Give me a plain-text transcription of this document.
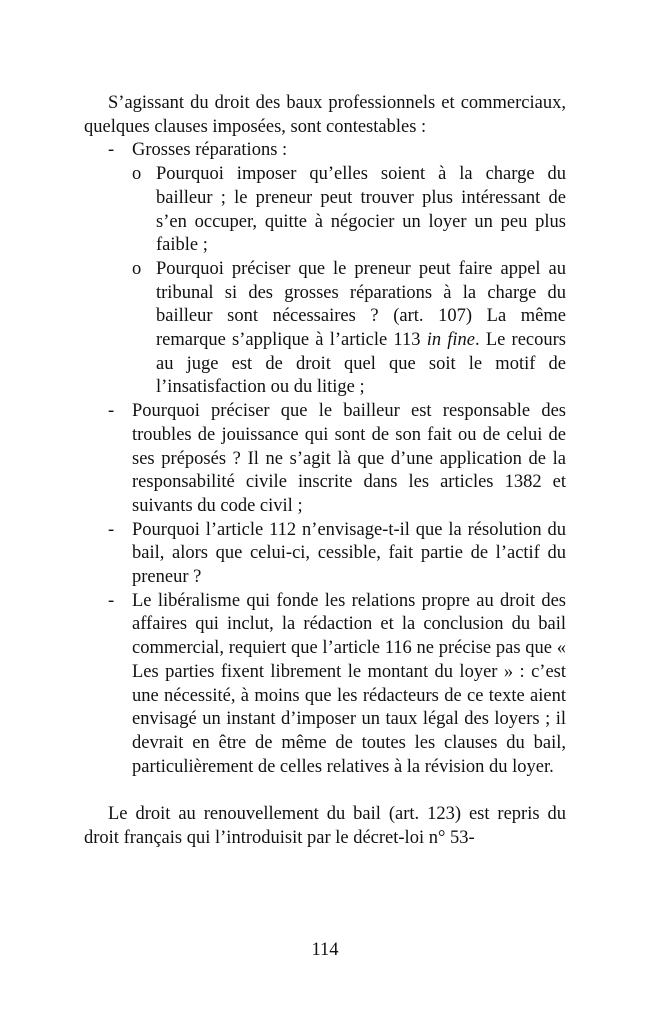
S’agissant du droit des baux professionnels et commerciaux, quelques clauses imposées, sont contestables :

- Grosses réparations :
o Pourquoi imposer qu’elles soient à la charge du bailleur ; le preneur peut trouver plus intéressant de s’en occuper, quitte à négocier un loyer un peu plus faible ;
o Pourquoi préciser que le preneur peut faire appel au tribunal si des grosses réparations à la charge du bailleur sont nécessaires ? (art. 107) La même remarque s’applique à l’article 113 in fine. Le recours au juge est de droit quel que soit le motif de l’insatisfaction ou du litige ;
- Pourquoi préciser que le bailleur est responsable des troubles de jouissance qui sont de son fait ou de celui de ses préposés ? Il ne s’agit là que d’une application de la responsabilité civile inscrite dans les articles 1382 et suivants du code civil ;
- Pourquoi l’article 112 n’envisage-t-il que la résolution du bail, alors que celui-ci, cessible, fait partie de l’actif du preneur ?
- Le libéralisme qui fonde les relations propre au droit des affaires qui inclut, la rédaction et la conclusion du bail commercial, requiert que l’article 116 ne précise pas que « Les parties fixent librement le montant du loyer » : c’est une nécessité, à moins que les rédacteurs de ce texte aient envisagé un instant d’imposer un taux légal des loyers ; il devrait en être de même de toutes les clauses du bail, particulièrement de celles relatives à la révision du loyer.

Le droit au renouvellement du bail (art. 123) est repris du droit français qui l’introduisit par le décret-loi n° 53-

114
